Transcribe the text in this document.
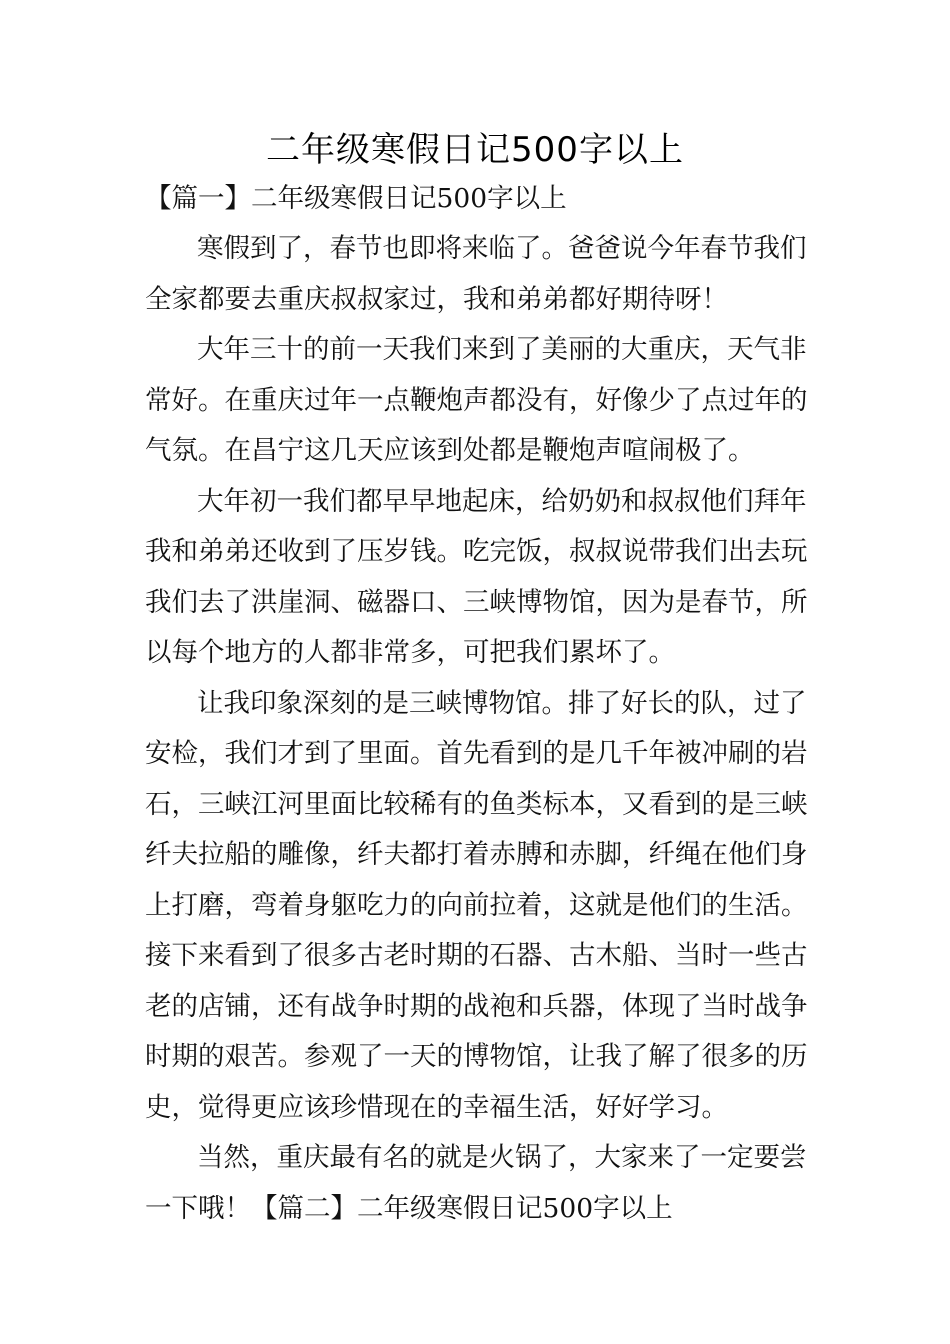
二年级寒假日记500字以上
【篇一】二年级寒假日记500字以上
寒假到了，春节也即将来临了。爸爸说今年春节我们
全家都要去重庆叔叔家过，我和弟弟都好期待呀！
大年三十的前一天我们来到了美丽的大重庆，天气非
常好。在重庆过年一点鞭炮声都没有，好像少了点过年的
气氛。在昌宁这几天应该到处都是鞭炮声喧闹极了。
大年初一我们都早早地起床，给奶奶和叔叔他们拜年
我和弟弟还收到了压岁钱。吃完饭，叔叔说带我们出去玩
我们去了洪崖洞、磁器口、三峡博物馆，因为是春节，所
以每个地方的人都非常多，可把我们累坏了。
让我印象深刻的是三峡博物馆。排了好长的队，过了
安检，我们才到了里面。首先看到的是几千年被冲刷的岩
石，三峡江河里面比较稀有的鱼类标本，又看到的是三峡
纤夫拉船的雕像，纤夫都打着赤膊和赤脚，纤绳在他们身
上打磨，弯着身躯吃力的向前拉着，这就是他们的生活。
接下来看到了很多古老时期的石器、古木船、当时一些古
老的店铺，还有战争时期的战袍和兵器，体现了当时战争
时期的艰苦。参观了一天的博物馆，让我了解了很多的历
史，觉得更应该珍惜现在的幸福生活，好好学习。
当然，重庆最有名的就是火锅了，大家来了一定要尝
一下哦！【篇二】二年级寒假日记500字以上
